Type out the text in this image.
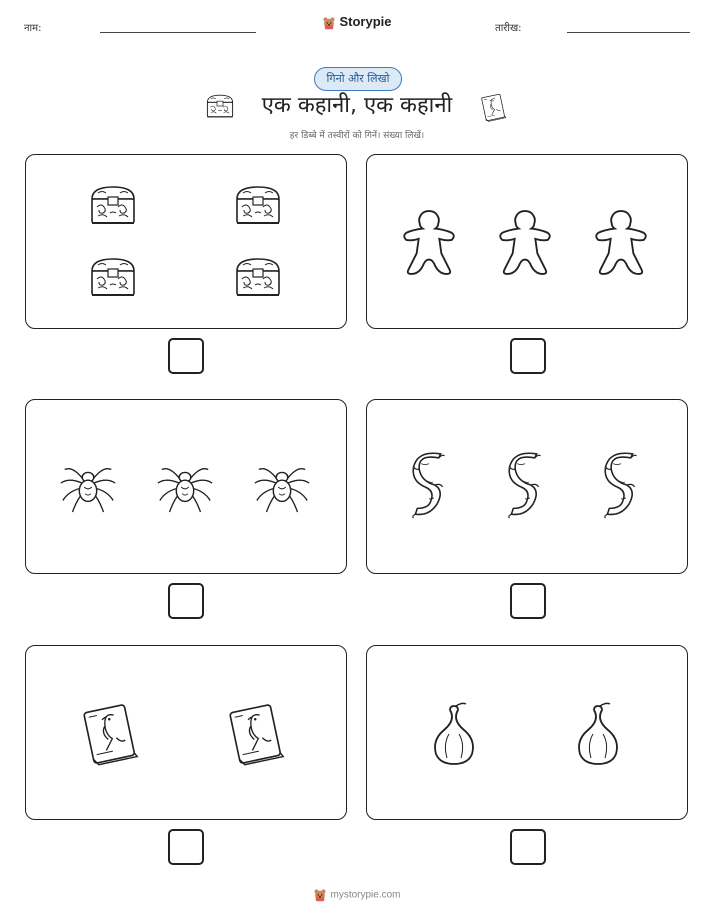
नाम:	Storypie	तारीख:
गिनो और लिखो
एक कहानी, एक कहानी
हर डिब्बे में तस्वीरों को गिनें। संख्या लिखें।
mystorypie.com
